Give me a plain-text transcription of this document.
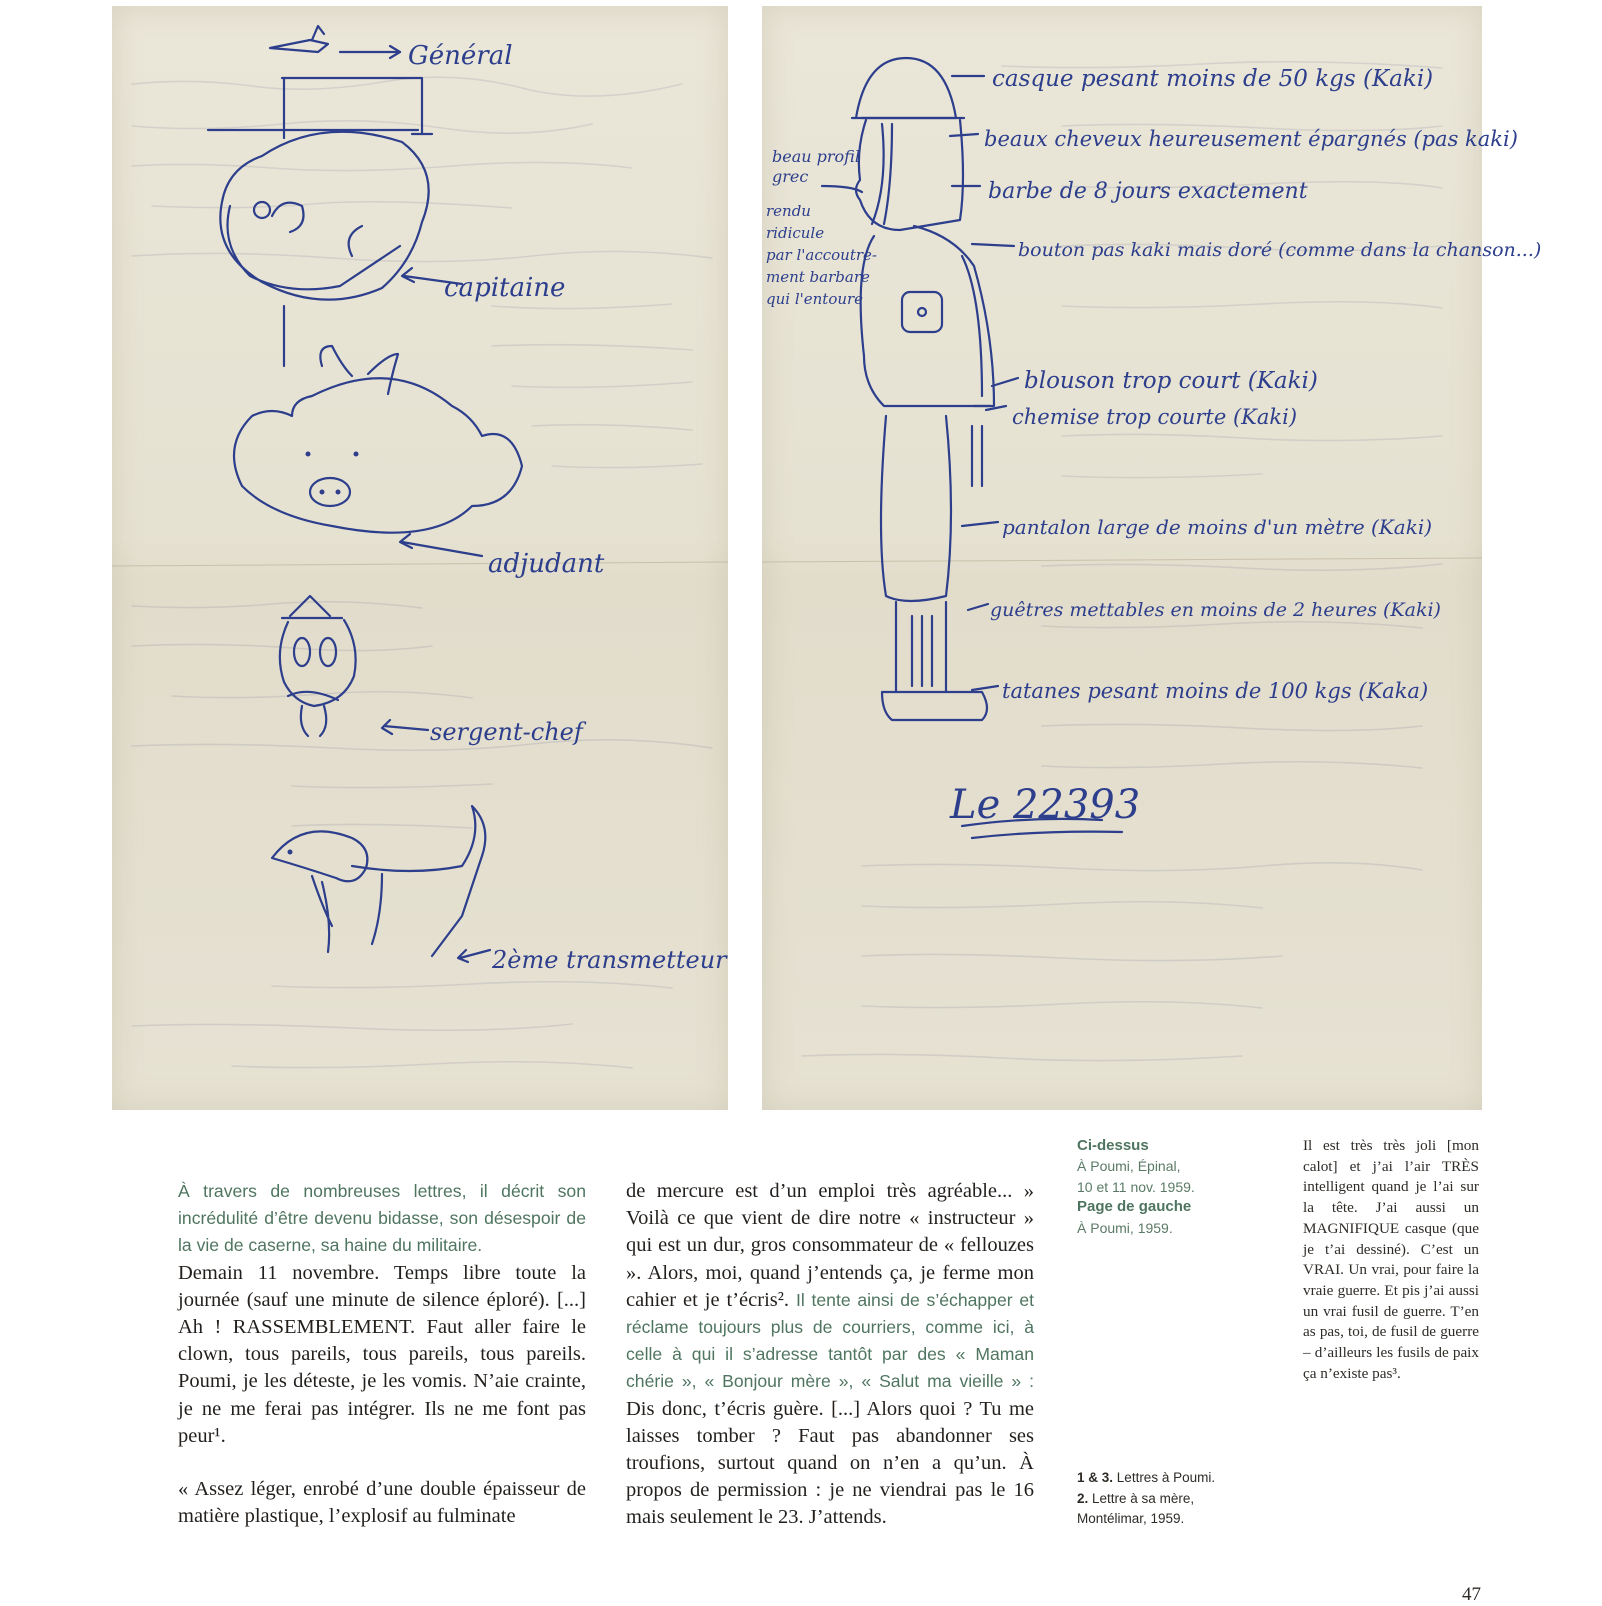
Général
capitaine
adjudant
sergent-chef
2ème transmetteur
casque pesant moins de 50 kgs (Kaki)
beaux cheveux heureusement épargnés (pas kaki)
barbe de 8 jours exactement
bouton pas kaki mais doré (comme dans la chanson...)
beau profil
grec
rendu
ridicule
par l'accoutre-
ment barbare
qui l'entoure
blouson trop court (Kaki)
chemise trop courte (Kaki)
pantalon large de moins d'un mètre (Kaki)
guêtres mettables en moins de 2 heures (Kaki)
tatanes pesant moins de 100 kgs (Kaka)
Le 22393

À travers de nombreuses lettres, il décrit son incrédulité d’être devenu bidasse, son désespoir de la vie de caserne, sa haine du militaire.

Demain 11 novembre. Temps libre toute la journée (sauf une minute de silence éploré). [...] Ah ! RASSEMBLEMENT. Faut aller faire le clown, tous pareils, tous pareils, tous pareils. Poumi, je les déteste, je les vomis. N’aie crainte, je ne me ferai pas intégrer. Ils ne me font pas peur¹.

« Assez léger, enrobé d’une double épaisseur de matière plastique, l’explosif au fulminate

de mercure est d’un emploi très agréable... » Voilà ce que vient de dire notre « instructeur » qui est un dur, gros consommateur de « fellouzes ». Alors, moi, quand j’entends ça, je ferme mon cahier et je t’écris². Il tente ainsi de s’échapper et réclame toujours plus de courriers, comme ici, à celle à qui il s’adresse tantôt par des « Maman chérie », « Bonjour mère », « Salut ma vieille » : Dis donc, t’écris guère. [...] Alors quoi ? Tu me laisses tomber ? Faut pas abandonner ses troufions, surtout quand on n’en a qu’un. À propos de permission : je ne viendrai pas le 16 mais seulement le 23. J’attends.

Ci-dessus
À Poumi, Épinal,
10 et 11 nov. 1959.
Page de gauche
À Poumi, 1959.
1 & 3. Lettres à Poumi.
2. Lettre à sa mère,
Montélimar, 1959.
Il est très très joli [mon calot] et j’ai l’air TRÈS intelligent quand je l’ai sur la tête. J’ai aussi un MAGNIFIQUE casque (que je t’ai dessiné). C’est un VRAI. Un vrai, pour faire la vraie guerre. Et pis j’ai aussi un vrai fusil de guerre. T’en as pas, toi, de fusil de guerre – d’ailleurs les fusils de paix ça n’existe pas³.
47
